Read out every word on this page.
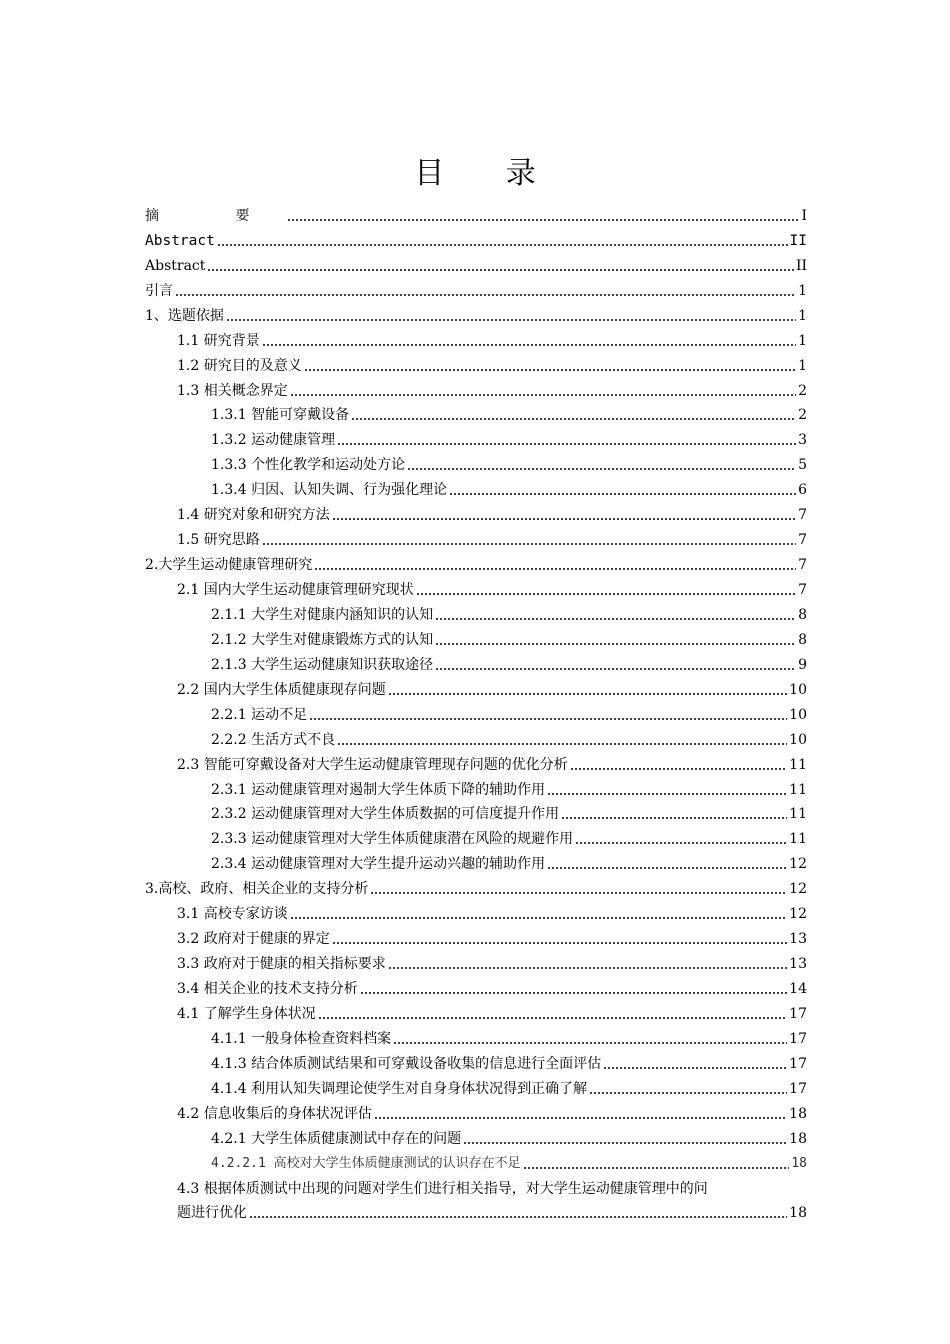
目 录
摘 要	I
Abstract	II
Abstract	II
引言	1
1、选题依据	1
1.1 研究背景	1
1.2 研究目的及意义	1
1.3 相关概念界定	2
1.3.1 智能可穿戴设备	2
1.3.2 运动健康管理	3
1.3.3 个性化教学和运动处方论	5
1.3.4 归因、认知失调、行为强化理论	6
1.4 研究对象和研究方法	7
1.5 研究思路	7
2.大学生运动健康管理研究	7
2.1 国内大学生运动健康管理研究现状	7
2.1.1 大学生对健康内涵知识的认知	8
2.1.2 大学生对健康锻炼方式的认知	8
2.1.3 大学生运动健康知识获取途径	9
2.2 国内大学生体质健康现存问题	10
2.2.1 运动不足	10
2.2.2 生活方式不良	10
2.3 智能可穿戴设备对大学生运动健康管理现存问题的优化分析	11
2.3.1 运动健康管理对遏制大学生体质下降的辅助作用	11
2.3.2 运动健康管理对大学生体质数据的可信度提升作用	11
2.3.3 运动健康管理对大学生体质健康潜在风险的规避作用	11
2.3.4 运动健康管理对大学生提升运动兴趣的辅助作用	12
3.高校、政府、相关企业的支持分析	12
3.1 高校专家访谈	12
3.2 政府对于健康的界定	13
3.3 政府对于健康的相关指标要求	13
3.4 相关企业的技术支持分析	14
4.1 了解学生身体状况	17
4.1.1 一般身体检查资料档案	17
4.1.3 结合体质测试结果和可穿戴设备收集的信息进行全面评估	17
4.1.4 利用认知失调理论使学生对自身身体状况得到正确了解	17
4.2 信息收集后的身体状况评估	18
4.2.1 大学生体质健康测试中存在的问题	18
4.2.2.1 高校对大学生体质健康测试的认识存在不足	18
4.3 根据体质测试中出现的问题对学生们进行相关指导，对大学生运动健康管理中的问
题进行优化	18
